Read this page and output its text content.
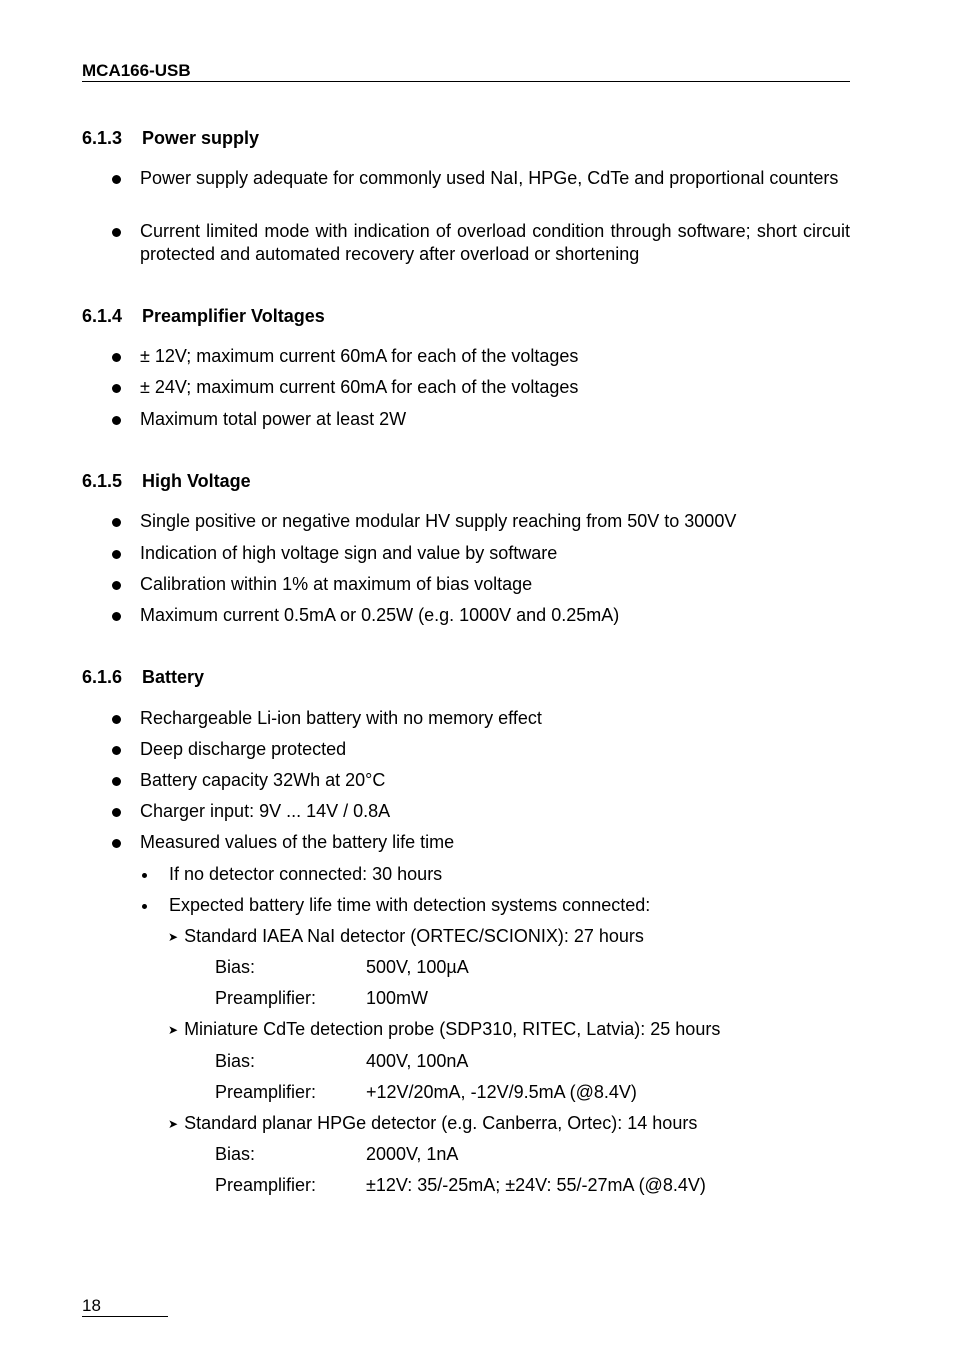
MCA166-USB
6.1.3 Power supply
Power supply adequate for commonly used NaI, HPGe, CdTe and proportional counters
Current limited mode with indication of overload condition through software; short circuit protected and automated recovery after overload or shortening
6.1.4 Preamplifier Voltages
± 12V; maximum current 60mA for each of the voltages
± 24V; maximum current 60mA for each of the voltages
Maximum total power at least 2W
6.1.5 High Voltage
Single positive or negative modular HV supply reaching from 50V to 3000V
Indication of high voltage sign and value by software
Calibration within 1% at maximum of bias voltage
Maximum current 0.5mA or 0.25W (e.g. 1000V and 0.25mA)
6.1.6 Battery
Rechargeable Li-ion battery with no memory effect
Deep discharge protected
Battery capacity 32Wh at 20°C
Charger input: 9V ... 14V / 0.8A
Measured values of the battery life time
If no detector connected: 30 hours
Expected battery life time with detection systems connected:
➤ Standard IAEA NaI detector (ORTEC/SCIONIX): 27 hours
Bias:	500V, 100µA
Preamplifier:	100mW
➤ Miniature CdTe detection probe (SDP310, RITEC, Latvia): 25 hours
Bias:	400V, 100nA
Preamplifier:	+12V/20mA, -12V/9.5mA (@8.4V)
➤ Standard planar HPGe detector (e.g. Canberra, Ortec): 14 hours
Bias:	2000V, 1nA
Preamplifier:	±12V: 35/-25mA; ±24V: 55/-27mA (@8.4V)
18
